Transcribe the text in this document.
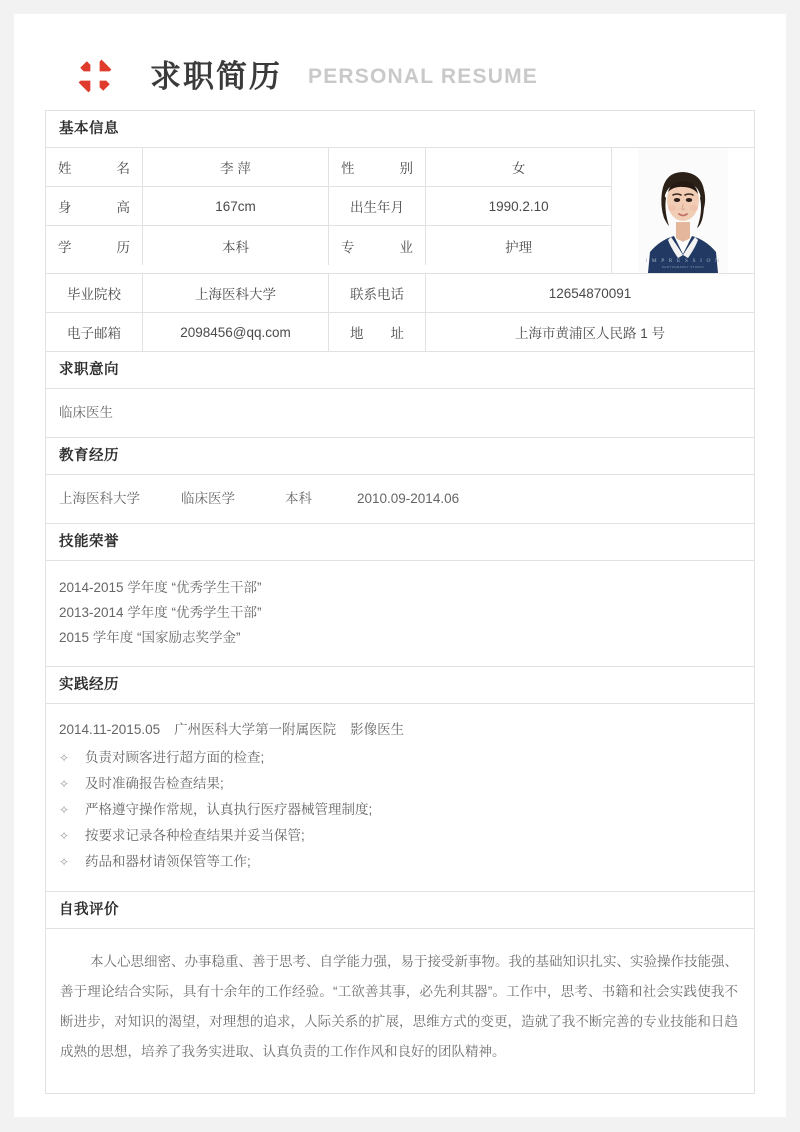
求职简历 PERSONAL RESUME
基本信息
姓　　名	李 萍	性　　别	女
身　　高	167cm	出生年月	1990.2.10
学　　历	本科	专　　业	护理
I M P R E S S I O N
PHOTOGRAPHY STUDIO
毕业院校	上海医科大学	联系电话	12654870091
电子邮箱	2098456@qq.com	地　　址	上海市黄浦区人民路 1 号
求职意向
临床医生
教育经历
上海医科大学	临床医学	本科	2010.09-2014.06
技能荣誉
2014-2015 学年度 “优秀学生干部”
2013-2014 学年度 “优秀学生干部”
2015 学年度 “国家励志奖学金”
实践经历
2014.11-2015.05 广州医科大学第一附属医院 影像医生
✧	负责对顾客进行超方面的检查;
✧	及时准确报告检查结果;
✧	严格遵守操作常规，认真执行医疗器械管理制度;
✧	按要求记录各种检查结果并妥当保管;
✧	药品和器材请领保管等工作;
自我评价
本人心思细密、办事稳重、善于思考、自学能力强，易于接受新事物。我的基础知识扎实、实验操作技能强、善于理论结合实际，具有十余年的工作经验。“工欲善其事，必先利其器”。工作中，思考、书籍和社会实践使我不断进步，对知识的渴望，对理想的追求，人际关系的扩展，思维方式的变更，造就了我不断完善的专业技能和日趋成熟的思想，培养了我务实进取、认真负责的工作作风和良好的团队精神。
